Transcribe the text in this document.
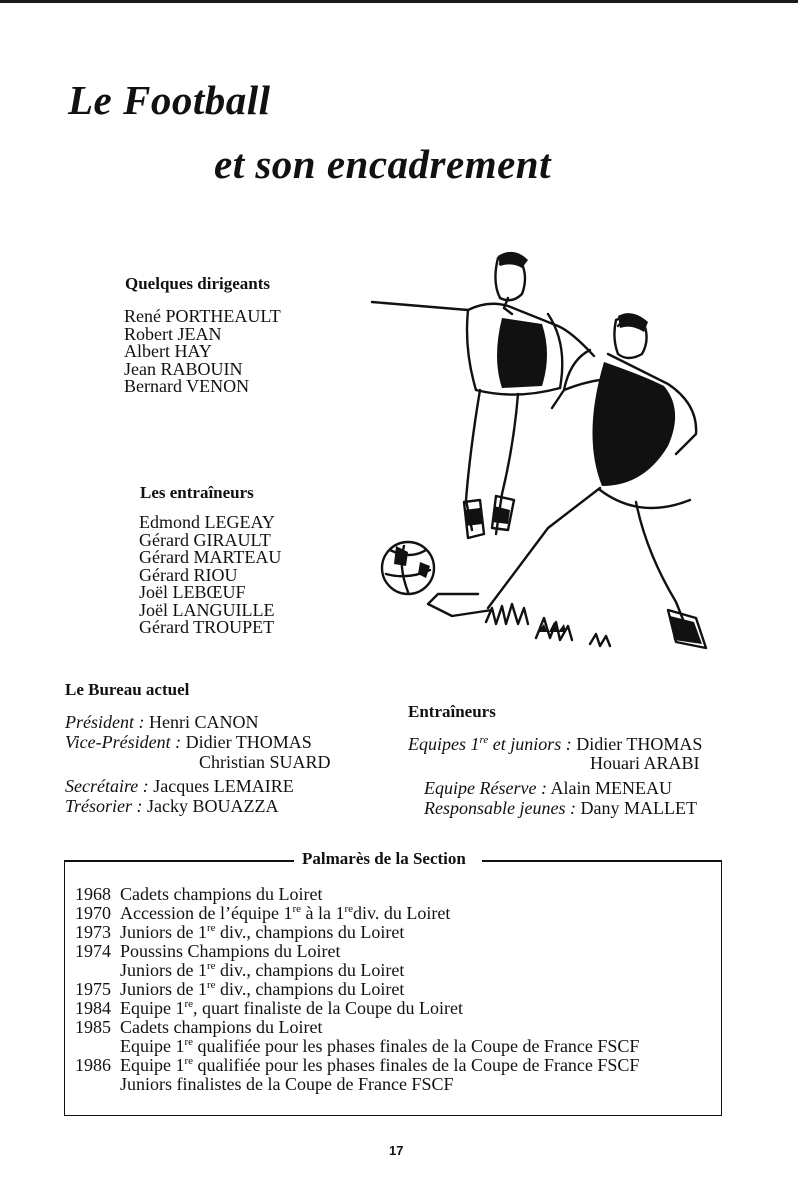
Le Football
et son encadrement
Quelques dirigeants
René PORTHEAULT
Robert JEAN
Albert HAY
Jean RABOUIN
Bernard VENON
Les entraîneurs
Edmond LEGEAY
Gérard GIRAULT
Gérard MARTEAU
Gérard RIOU
Joël LEBŒUF
Joël LANGUILLE
Gérard TROUPET
Le Bureau actuel
Président : Henri CANON
Vice-Président : Didier THOMAS
Christian SUARD
Secrétaire : Jacques LEMAIRE
Trésorier : Jacky BOUAZZA
Entraîneurs
Equipes 1re et juniors : Didier THOMAS
Houari ARABI
Equipe Réserve : Alain MENEAU
Responsable jeunes : Dany MALLET
Palmarès de la Section
1968 Cadets champions du Loiret
1970 Accession de l’équipe 1re à la 1rediv. du Loiret
1973 Juniors de 1re div., champions du Loiret
1974 Poussins Champions du Loiret
Juniors de 1re div., champions du Loiret
1975 Juniors de 1re div., champions du Loiret
1984 Equipe 1re, quart finaliste de la Coupe du Loiret
1985 Cadets champions du Loiret
Equipe 1re qualifiée pour les phases finales de la Coupe de France FSCF
1986 Equipe 1re qualifiée pour les phases finales de la Coupe de France FSCF
Juniors finalistes de la Coupe de France FSCF
17
